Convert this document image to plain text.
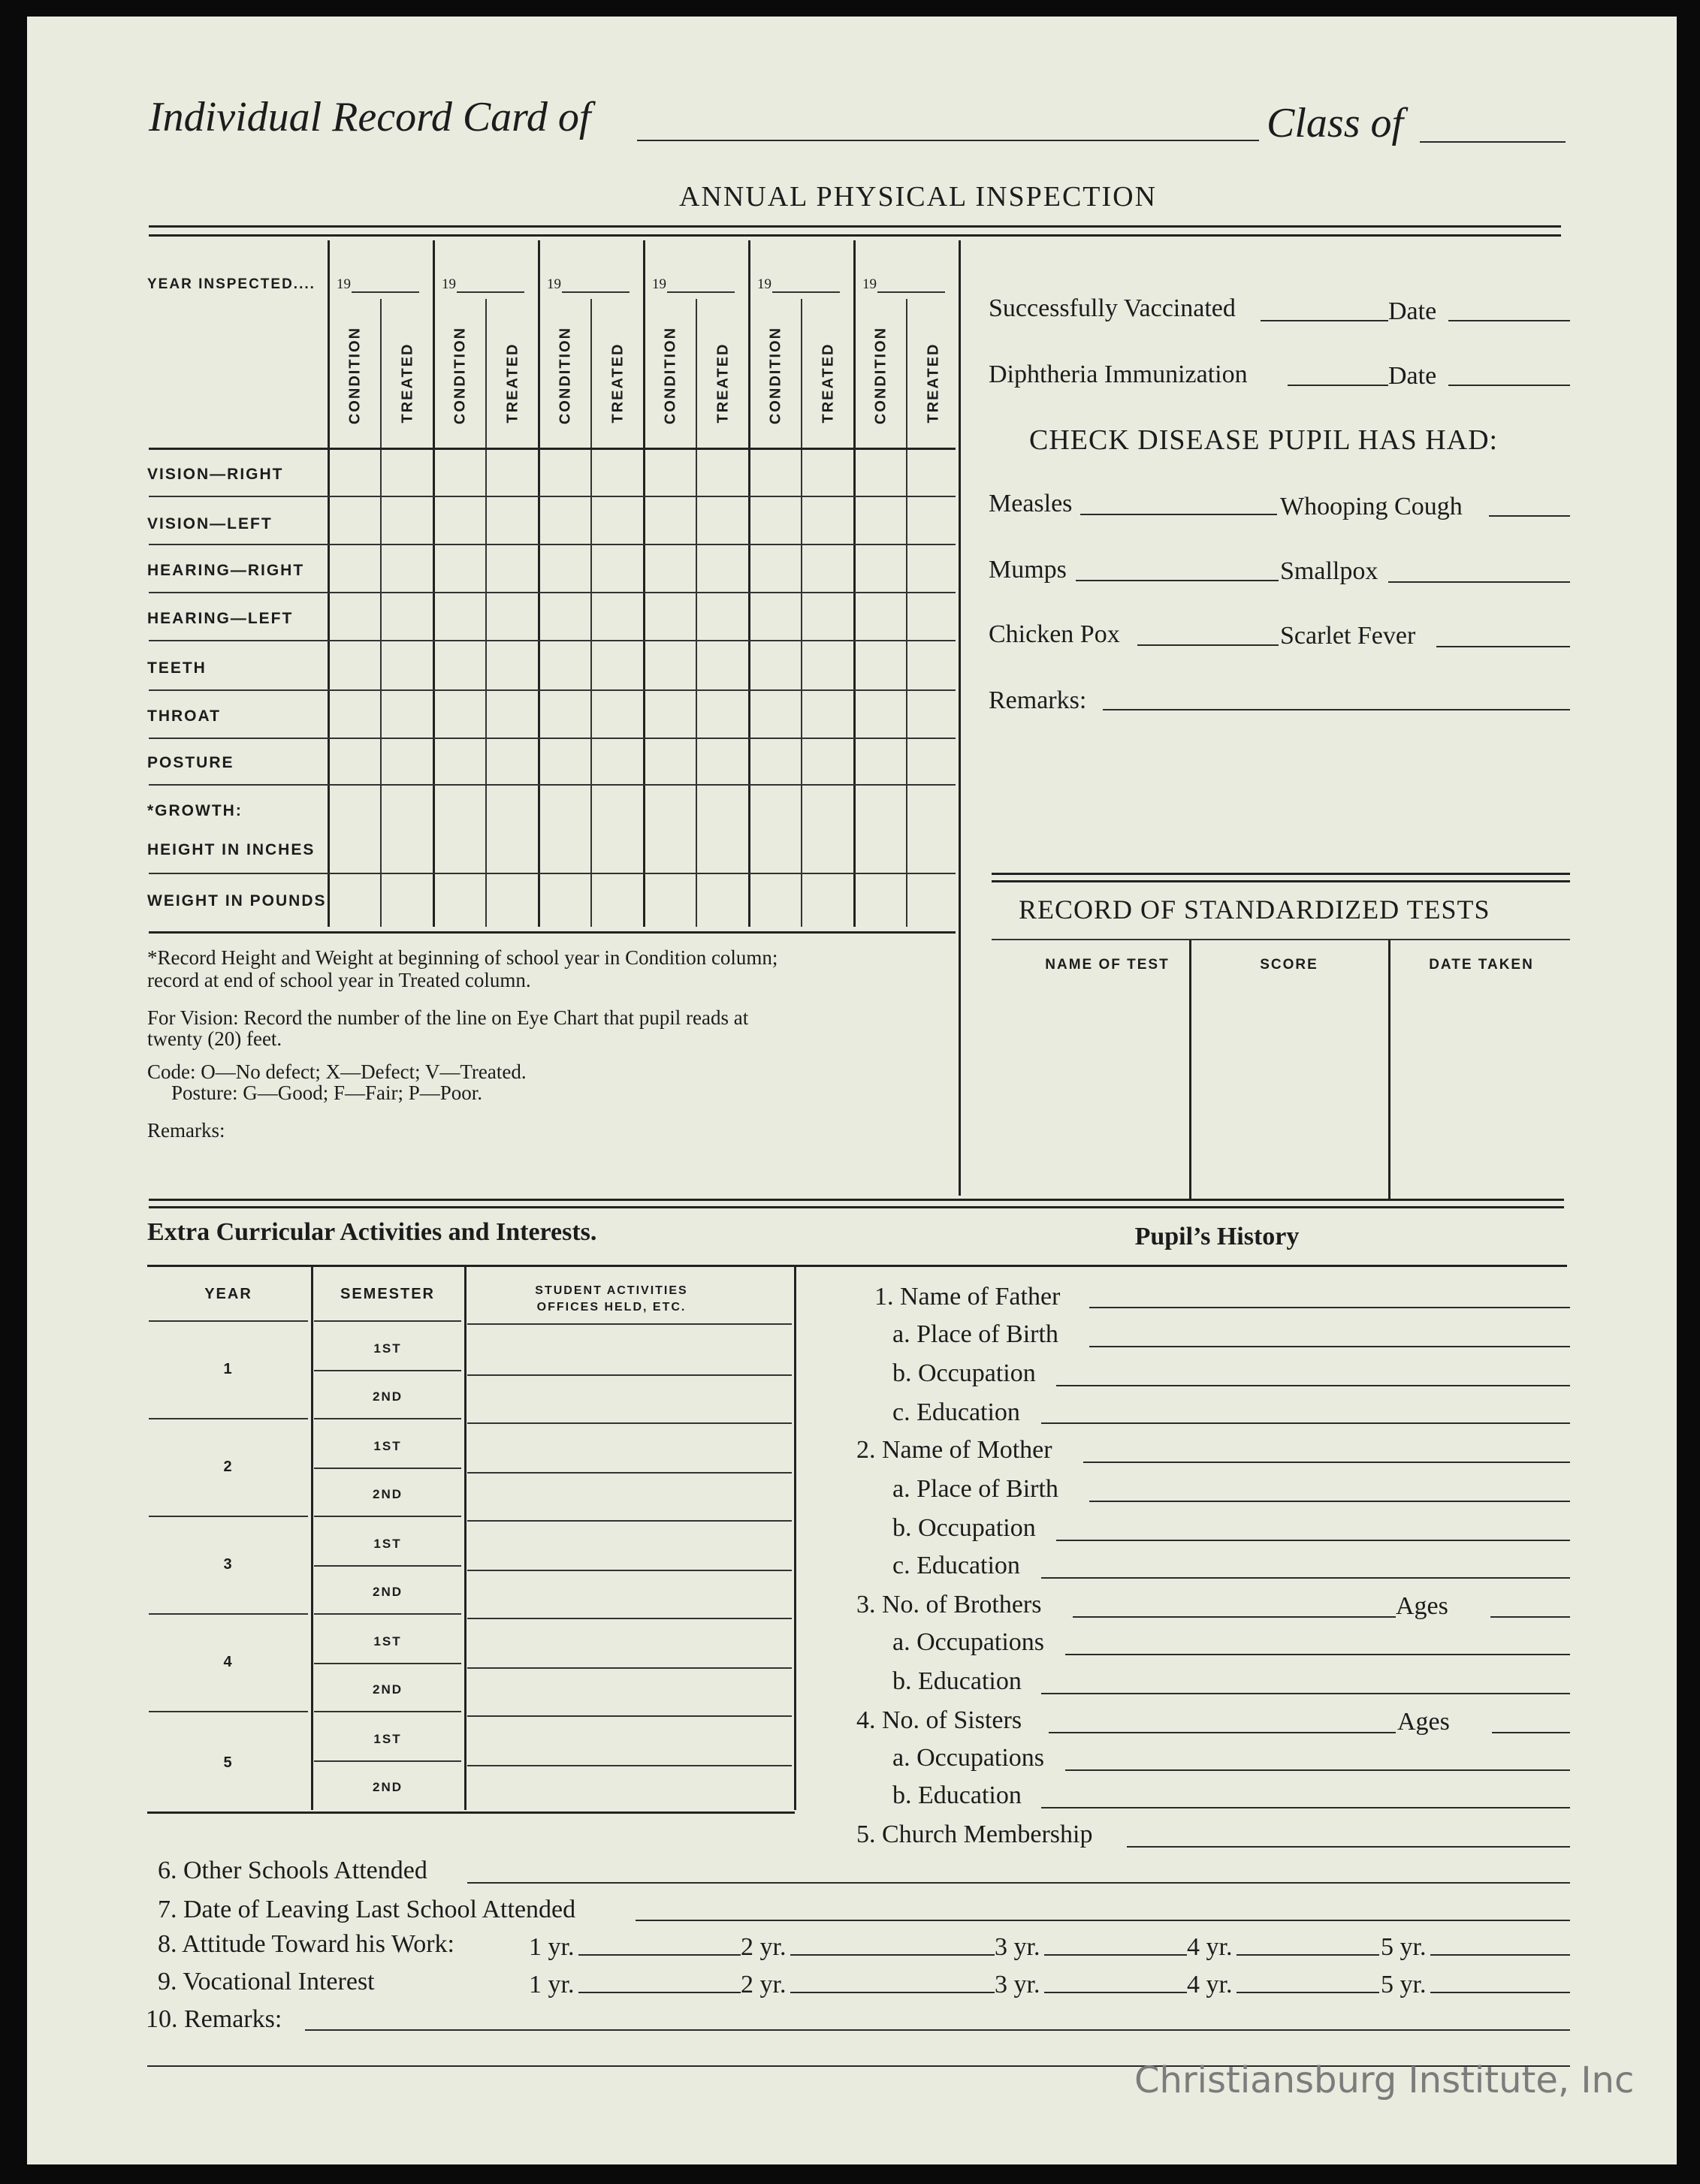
Individual Record Card of	Class of
ANNUAL PHYSICAL INSPECTION
YEAR INSPECTED.... 19	19	19	19	19	19
CONDITION TREATED CONDITION TREATED CONDITION TREATED CONDITION TREATED CONDITION TREATED CONDITION TREATED
VISION—RIGHT
VISION—LEFT
HEARING—RIGHT
HEARING—LEFT
TEETH
THROAT
POSTURE
*GROWTH:
HEIGHT IN INCHES
WEIGHT IN POUNDS
*Record Height and Weight at beginning of school year in Condition column;
record at end of school year in Treated column.
For Vision: Record the number of the line on Eye Chart that pupil reads at
twenty (20) feet.
Code: O—No defect; X—Defect; V—Treated.
Posture: G—Good; F—Fair; P—Poor.
Remarks:
Successfully Vaccinated	Date
Diphtheria Immunization	Date
CHECK DISEASE PUPIL HAS HAD:
Measles	Whooping Cough
Mumps	Smallpox
Chicken Pox	Scarlet Fever
Remarks:
RECORD OF STANDARDIZED TESTS
NAME OF TEST	SCORE	DATE TAKEN
Extra Curricular Activities and Interests.	Pupil’s History
YEAR	SEMESTER	STUDENT ACTIVITIES
OFFICES HELD, ETC.
1
1ST
2ND
2
1ST
2ND
3
1ST
2ND
4
1ST
2ND
5
1ST
2ND
1. Name of Father
a. Place of Birth
b. Occupation
c. Education
2. Name of Mother
a. Place of Birth
b. Occupation
c. Education
3. No. of Brothers	Ages
a. Occupations
b. Education
4. No. of Sisters	Ages
a. Occupations
b. Education
5. Church Membership
6. Other Schools Attended
7. Date of Leaving Last School Attended
8. Attitude Toward his Work:	1 yr.	2 yr.	3 yr.	4 yr.	5 yr.
9. Vocational Interest	1 yr.	2 yr.	3 yr.	4 yr.	5 yr.
10. Remarks:
Christiansburg Institute, Inc
